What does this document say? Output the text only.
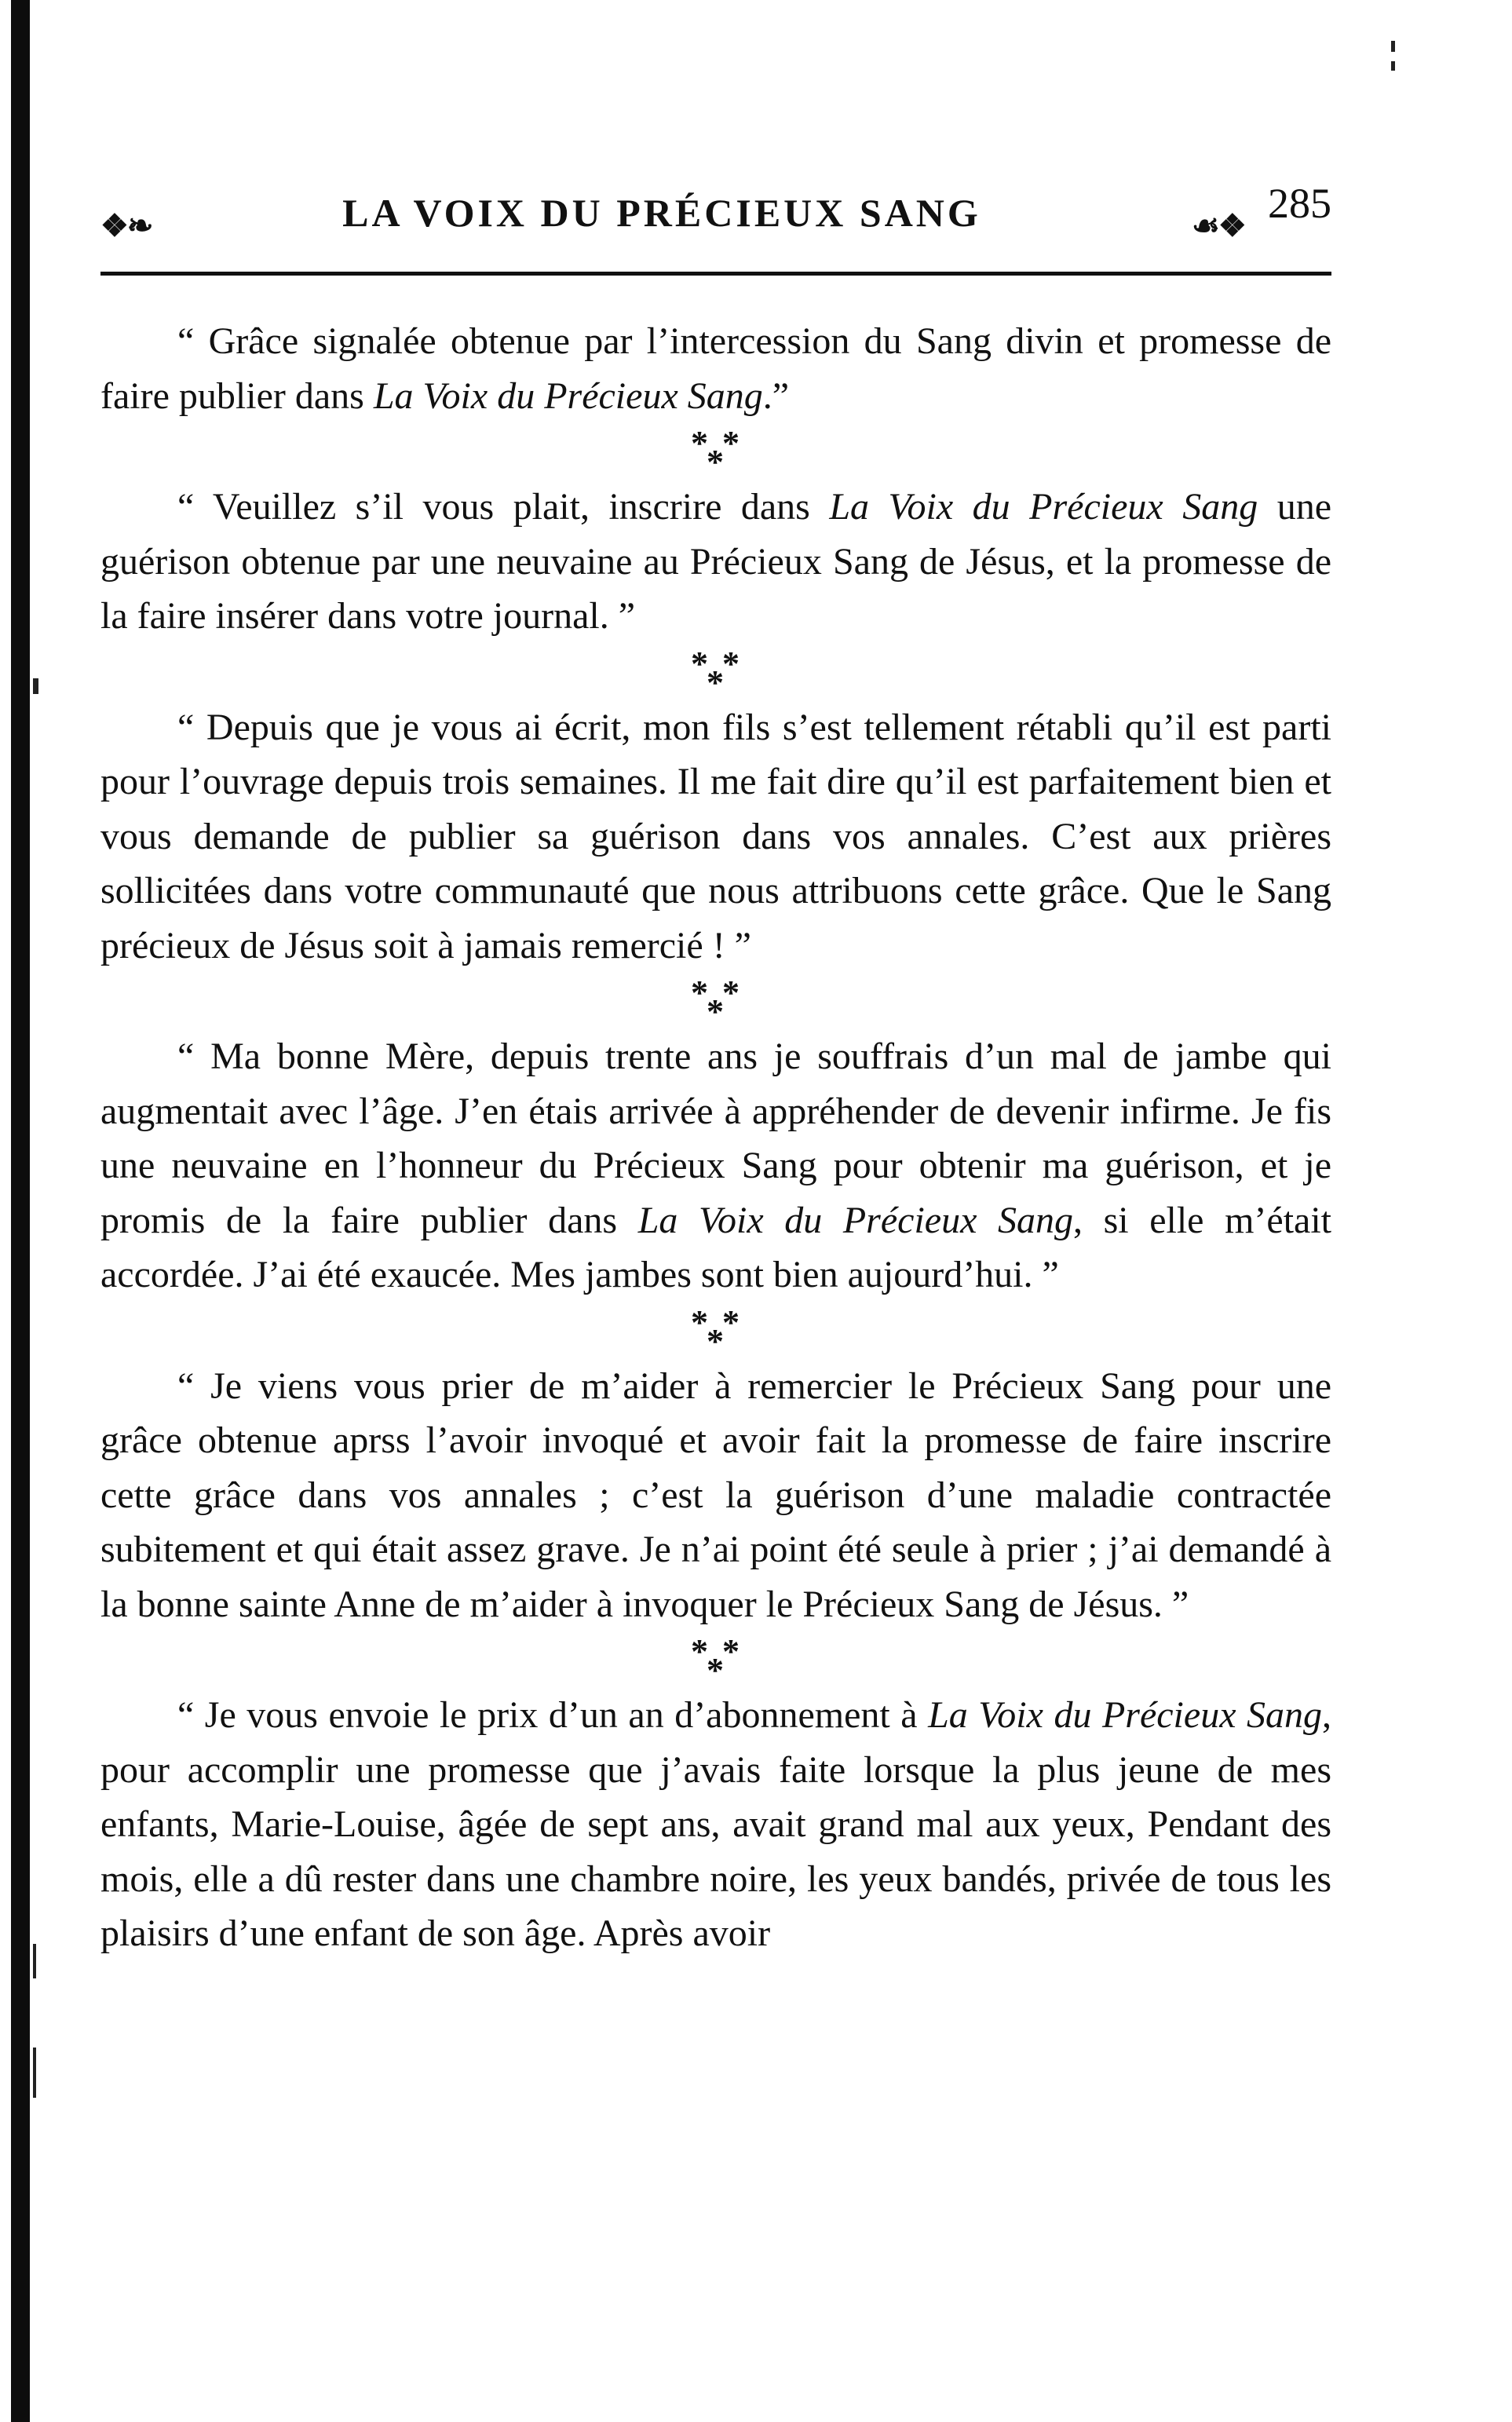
❖❧	LA VOIX DU PRÉCIEUX SANG	☙❖ 285

“ Grâce signalée obtenue par l’intercession du Sang divin et promesse de faire publier dans La Voix du Précieux Sang.”

* *
*

“ Veuillez s’il vous plait, inscrire dans La Voix du Précieux Sang une guérison obtenue par une neuvaine au Précieux Sang de Jésus, et la promesse de la faire insérer dans votre journal. ”

* *
*

“ Depuis que je vous ai écrit, mon fils s’est tellement rétabli qu’il est parti pour l’ouvrage depuis trois semaines. Il me fait dire qu’il est parfaitement bien et vous demande de publier sa guérison dans vos annales. C’est aux prières sollicitées dans votre communauté que nous attribuons cette grâce. Que le Sang précieux de Jésus soit à jamais remercié ! ”

* *
*

“ Ma bonne Mère, depuis trente ans je souffrais d’un mal de jambe qui augmentait avec l’âge. J’en étais arrivée à appréhender de devenir infirme. Je fis une neuvaine en l’honneur du Précieux Sang pour obtenir ma guérison, et je promis de la faire publier dans La Voix du Précieux Sang, si elle m’était accordée. J’ai été exaucée. Mes jambes sont bien aujourd’hui. ”

* *
*

“ Je viens vous prier de m’aider à remercier le Précieux Sang pour une grâce obtenue aprss l’avoir invoqué et avoir fait la promesse de faire inscrire cette grâce dans vos annales ; c’est la guérison d’une maladie contractée subitement et qui était assez grave. Je n’ai point été seule à prier ; j’ai demandé à la bonne sainte Anne de m’aider à invoquer le Précieux Sang de Jésus. ”

* *
*

“ Je vous envoie le prix d’un an d’abonnement à La Voix du Précieux Sang, pour accomplir une promesse que j’avais faite lorsque la plus jeune de mes enfants, Marie-Louise, âgée de sept ans, avait grand mal aux yeux, Pendant des mois, elle a dû rester dans une chambre noire, les yeux bandés, privée de tous les plaisirs d’une enfant de son âge. Après avoir
